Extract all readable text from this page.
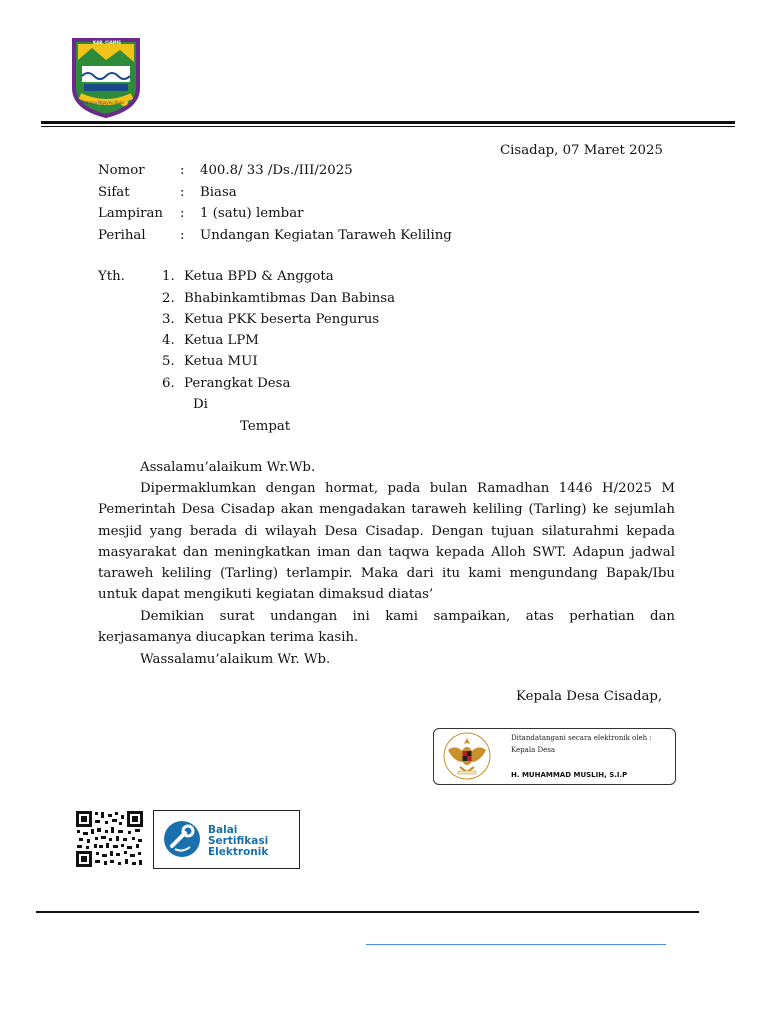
KAB. CIAMIS
Rahayu Ngayeu Kota
Cisadap, 07 Maret 2025
Nomor	: 400.8/ 33 /Ds./III/2025
Sifat	: Biasa
Lampiran : 1 (satu) lembar
Perihal	: Undangan Kegiatan Taraweh Keliling
Yth.	1. Ketua BPD & Anggota
2. Bhabinkamtibmas Dan Babinsa
3. Ketua PKK beserta Pengurus
4. Ketua LPM
5. Ketua MUI
6. Perangkat Desa
Di
Tempat
Assalamu’alaikum Wr.Wb.
Dipermaklumkan dengan hormat, pada bulan Ramadhan 1446 H/2025 M Pemerintah Desa Cisadap akan mengadakan taraweh keliling (Tarling) ke sejumlah mesjid yang berada di wilayah Desa Cisadap. Dengan tujuan silaturahmi kepada masyarakat dan meningkatkan iman dan taqwa kepada Alloh SWT. Adapun jadwal taraweh keliling (Tarling) terlampir. Maka dari itu kami mengundang Bapak/Ibu untuk dapat mengikuti kegiatan dimaksud diatas’
Demikian surat undangan ini kami sampaikan, atas perhatian dan kerjasamanya diucapkan terima kasih.
Wassalamu’alaikum Wr. Wb.
Kepala Desa Cisadap,
Ditandatangani secara elektronik oleh :
Kepala Desa
H. MUHAMMAD MUSLIH, S.I.P
Balai
Sertifikasi
Elektronik
